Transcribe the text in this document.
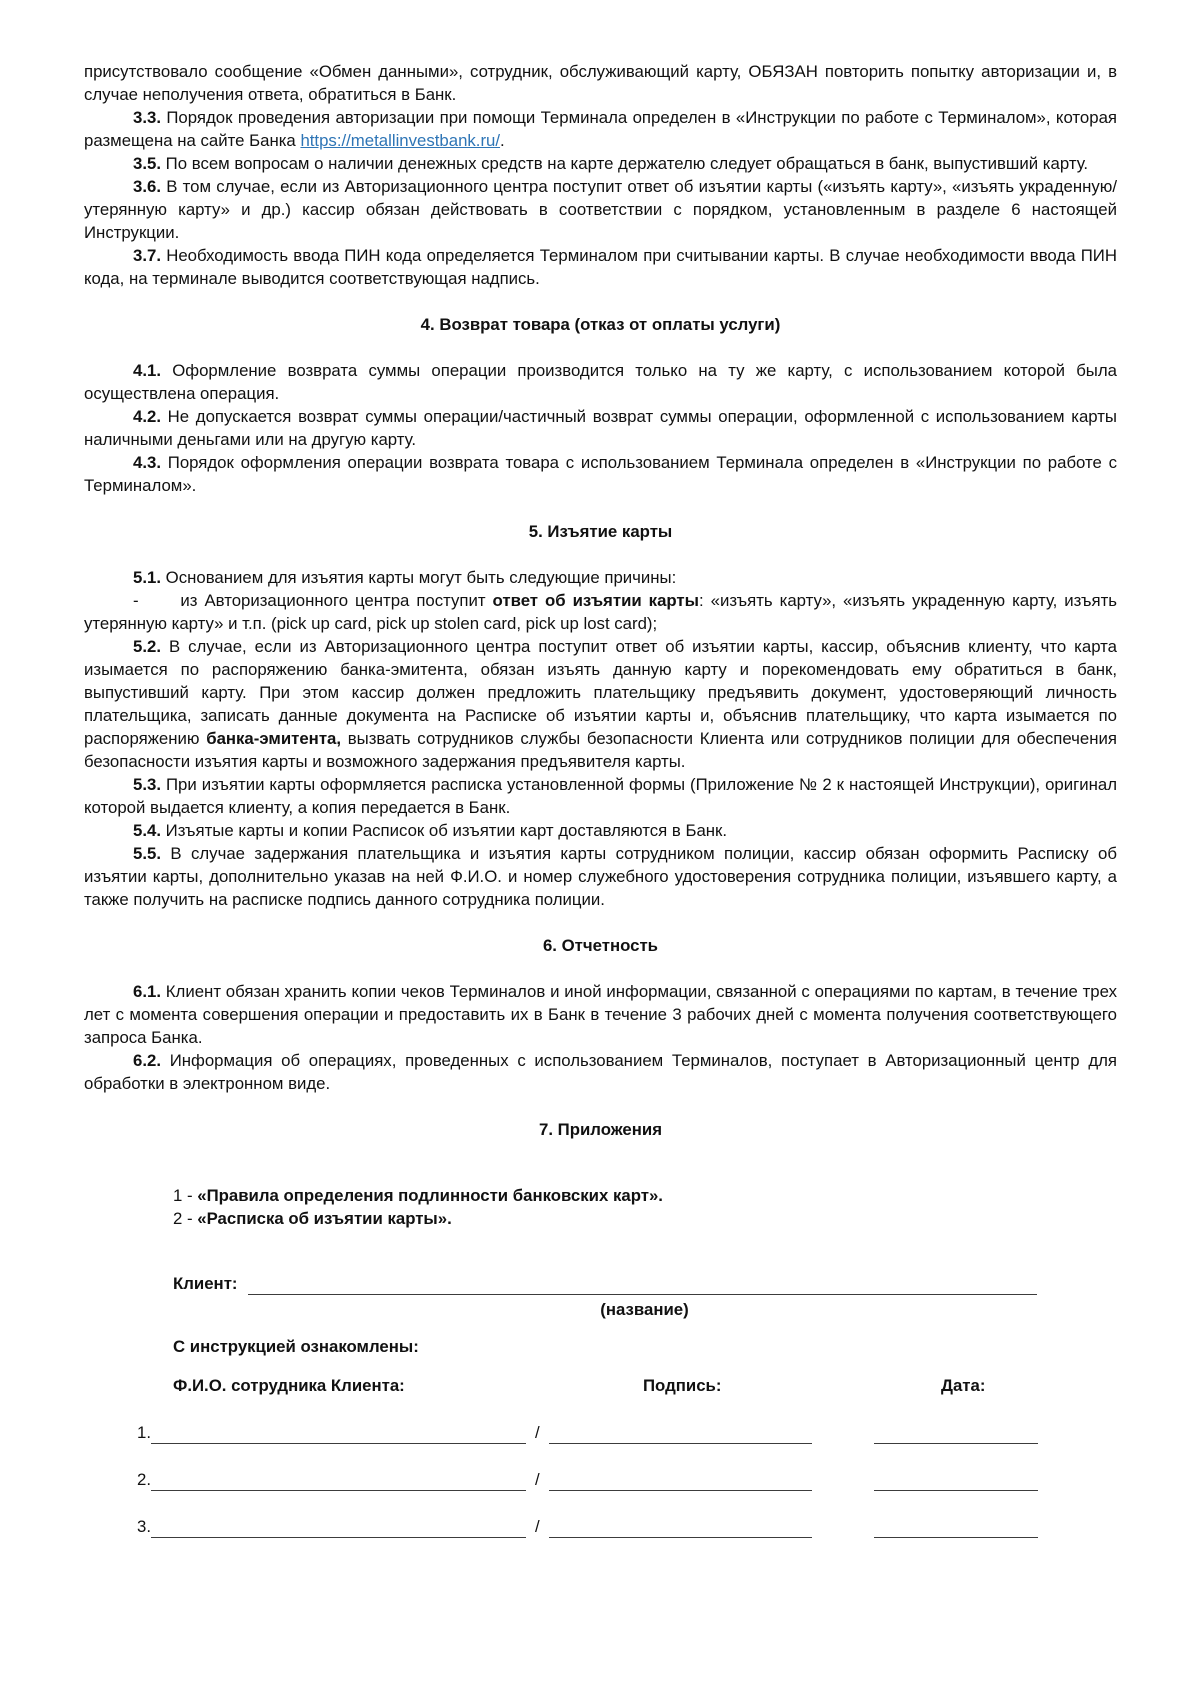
присутствовало сообщение «Обмен данными», сотрудник, обслуживающий карту, ОБЯЗАН повторить попытку авторизации и, в случае неполучения ответа, обратиться в Банк.

3.3. Порядок проведения авторизации при помощи Терминала определен в «Инструкции по работе с Терминалом», которая размещена на сайте Банка https://metallinvestbank.ru/.

3.5. По всем вопросам о наличии денежных средств на карте держателю следует обращаться в банк, выпустивший карту.

3.6. В том случае, если из Авторизационного центра поступит ответ об изъятии карты («изъять карту», «изъять украденную/утерянную карту» и др.) кассир обязан действовать в соответствии с порядком, установленным в разделе 6 настоящей Инструкции.

3.7. Необходимость ввода ПИН кода определяется Терминалом при считывании карты. В случае необходимости ввода ПИН кода, на терминале выводится соответствующая надпись.

4. Возврат товара (отказ от оплаты услуги)

4.1. Оформление возврата суммы операции производится только на ту же карту, с использованием которой была осуществлена операция.

4.2. Не допускается возврат суммы операции/частичный возврат суммы операции, оформленной с использованием карты наличными деньгами или на другую карту.

4.3. Порядок оформления операции возврата товара с использованием Терминала определен в «Инструкции по работе с Терминалом».

5. Изъятие карты

5.1. Основанием для изъятия карты могут быть следующие причины:

-      из Авторизационного центра поступит ответ об изъятии карты: «изъять карту», «изъять украденную карту, изъять утерянную карту» и т.п. (pick up card, pick up stolen card, pick up lost card);

5.2. В случае, если из Авторизационного центра поступит ответ об изъятии карты, кассир, объяснив клиенту, что карта изымается по распоряжению банка-эмитента, обязан изъять данную карту и порекомендовать ему обратиться в банк, выпустивший карту. При этом кассир должен предложить плательщику предъявить документ, удостоверяющий личность плательщика, записать данные документа на Расписке об изъятии карты и, объяснив плательщику, что карта изымается по распоряжению банка-эмитента, вызвать сотрудников службы безопасности Клиента или сотрудников полиции для обеспечения безопасности изъятия карты и возможного задержания предъявителя карты.

5.3. При изъятии карты оформляется расписка установленной формы (Приложение № 2 к настоящей Инструкции), оригинал которой выдается клиенту, а копия передается в Банк.

5.4. Изъятые карты и копии Расписок об изъятии карт доставляются в Банк.

5.5. В случае задержания плательщика и изъятия карты сотрудником полиции, кассир обязан оформить Расписку об изъятии карты, дополнительно указав на ней Ф.И.О. и номер служебного удостоверения сотрудника полиции, изъявшего карту, а также получить на расписке подпись данного сотрудника полиции.

6. Отчетность

6.1. Клиент обязан хранить копии чеков Терминалов и иной информации, связанной с операциями по картам, в течение трех лет с момента совершения операции и предоставить их в Банк в течение 3 рабочих дней с момента получения соответствующего запроса Банка.

6.2. Информация об операциях, проведенных с использованием Терминалов, поступает в Авторизационный центр для обработки в электронном виде.

7. Приложения

1 - «Правила определения подлинности банковских карт».

2 - «Расписка об изъятии карты».

Клиент:
(название)

С инструкцией ознакомлены:

Ф.И.О. сотрудника Клиента:	Подпись:	Дата:
1.	/
2.	/
3.	/
